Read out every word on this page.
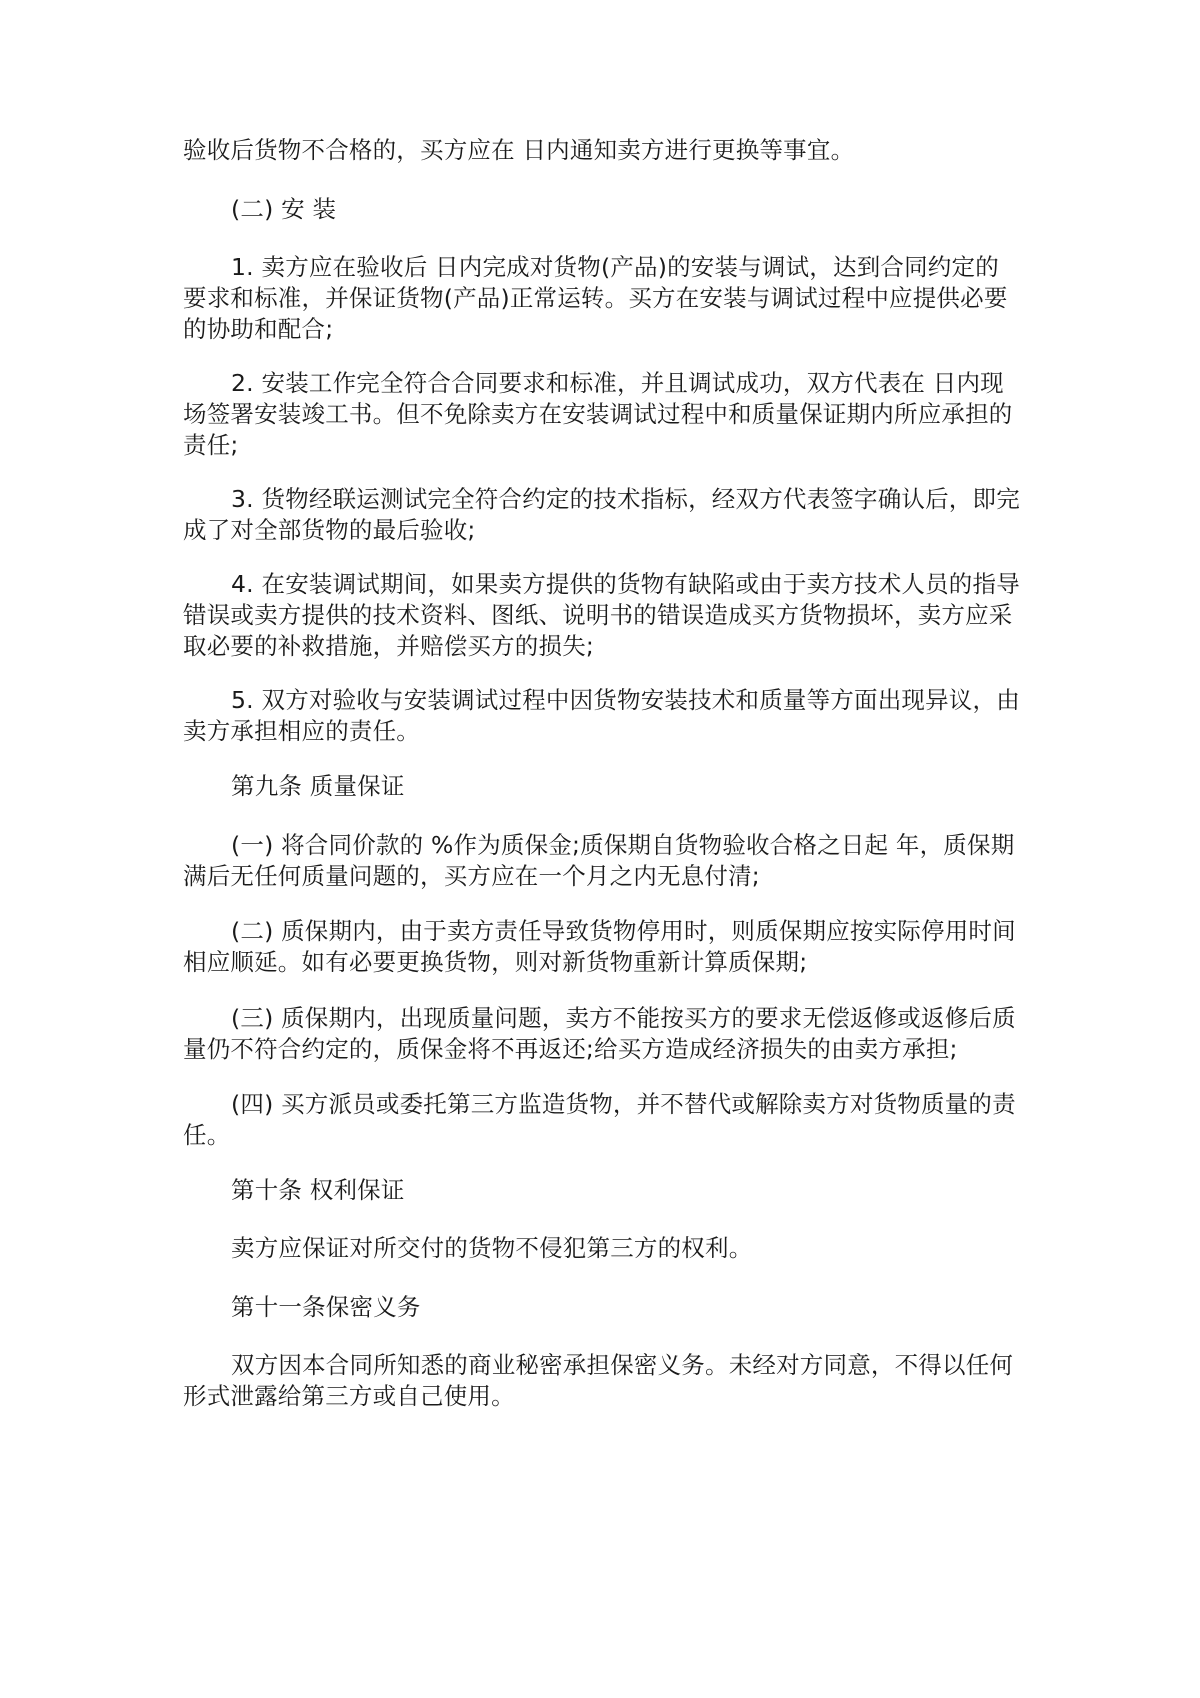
验收后货物不合格的，买方应在 日内通知卖方进行更换等事宜。

(二) 安 装

1. 卖方应在验收后 日内完成对货物(产品)的安装与调试，达到合同约定的
要求和标准，并保证货物(产品)正常运转。买方在安装与调试过程中应提供必要
的协助和配合;

2. 安装工作完全符合合同要求和标准，并且调试成功，双方代表在 日内现
场签署安装竣工书。但不免除卖方在安装调试过程中和质量保证期内所应承担的
责任;

3. 货物经联运测试完全符合约定的技术指标，经双方代表签字确认后，即完
成了对全部货物的最后验收;

4. 在安装调试期间，如果卖方提供的货物有缺陷或由于卖方技术人员的指导
错误或卖方提供的技术资料、图纸、说明书的错误造成买方货物损坏，卖方应采
取必要的补救措施，并赔偿买方的损失;

5. 双方对验收与安装调试过程中因货物安装技术和质量等方面出现异议，由
卖方承担相应的责任。

第九条 质量保证

(一) 将合同价款的 %作为质保金;质保期自货物验收合格之日起 年，质保期
满后无任何质量问题的，买方应在一个月之内无息付清;

(二) 质保期内，由于卖方责任导致货物停用时，则质保期应按实际停用时间
相应顺延。如有必要更换货物，则对新货物重新计算质保期;

(三) 质保期内，出现质量问题，卖方不能按买方的要求无偿返修或返修后质
量仍不符合约定的，质保金将不再返还;给买方造成经济损失的由卖方承担;

(四) 买方派员或委托第三方监造货物，并不替代或解除卖方对货物质量的责
任。

第十条 权利保证

卖方应保证对所交付的货物不侵犯第三方的权利。

第十一条保密义务

双方因本合同所知悉的商业秘密承担保密义务。未经对方同意，不得以任何
形式泄露给第三方或自己使用。
